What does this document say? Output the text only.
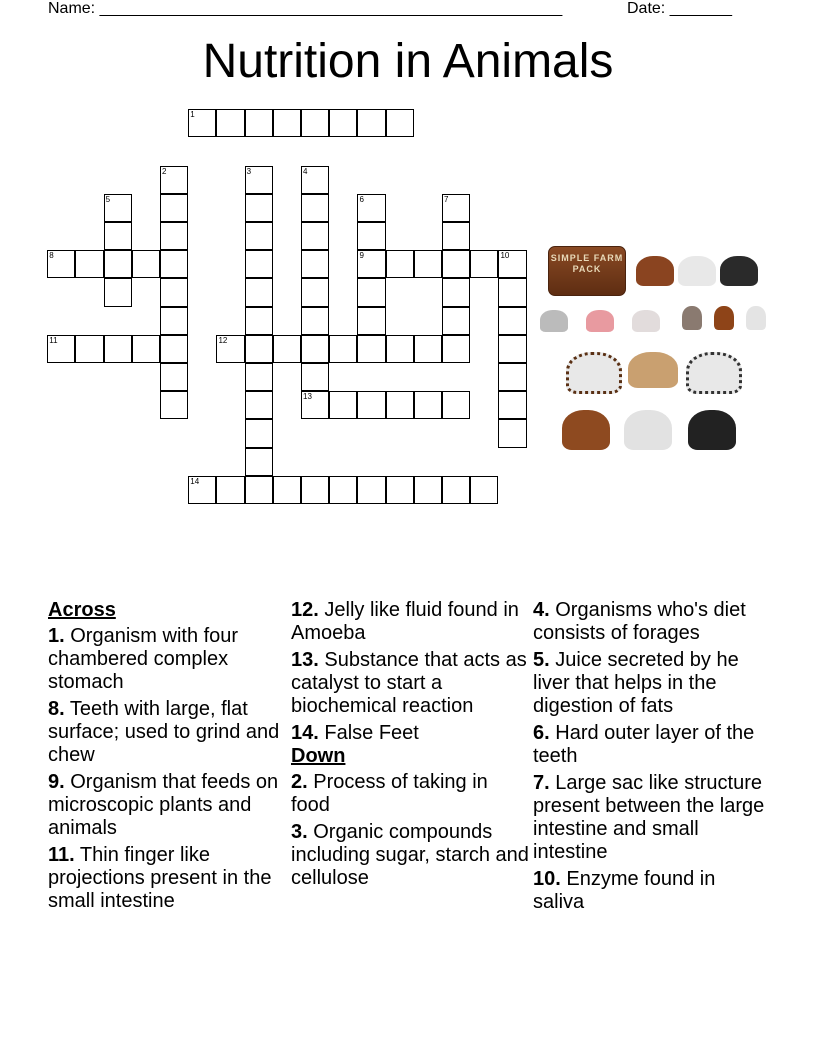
Name: ____________________________________________________	Date: _______
Nutrition in Animals
1
8	9	10
11	12
13
14
2	3	4
5	6	7
SIMPLE FARM PACK
Across
1. Organism with four chambered complex stomach
8. Teeth with large, flat surface; used to grind and chew
9. Organism that feeds on microscopic plants and animals
11. Thin finger like projections present in the small intestine
12. Jelly like fluid found in Amoeba
13. Substance that acts as catalyst to start a biochemical reaction
14. False Feet
Down
2. Process of taking in food
3. Organic compounds including sugar, starch and cellulose
4. Organisms who's diet consists of forages
5. Juice secreted by he liver that helps in the digestion of fats
6. Hard outer layer of the teeth
7. Large sac like structure present between the large intestine and small intestine
10. Enzyme found in saliva
